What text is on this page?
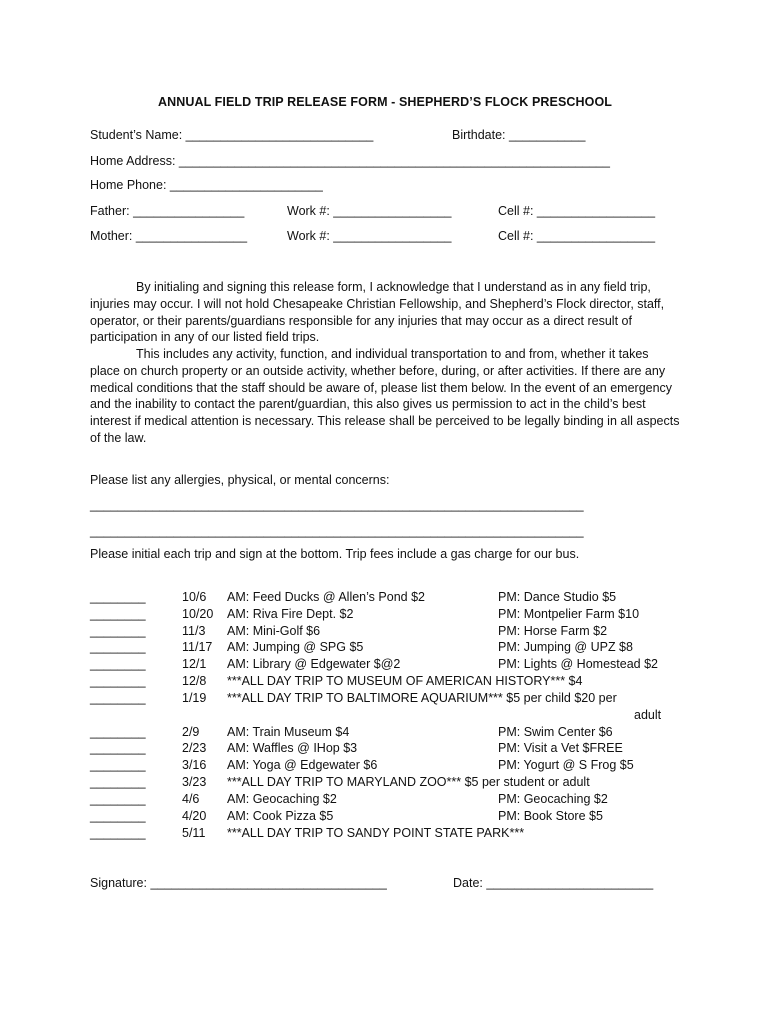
ANNUAL FIELD TRIP RELEASE FORM - SHEPHERD’S FLOCK PRESCHOOL
Student’s Name: ___________________________	Birthdate: ___________
Home Address: ______________________________________________________________
Home Phone: ______________________
Father: ________________	Work #: _________________	Cell #: _________________
Mother: ________________	Work #: _________________	Cell #: _________________
By initialing and signing this release form, I acknowledge that I understand as in any field trip, injuries may occur. I will not hold Chesapeake Christian Fellowship, and Shepherd’s Flock director, staff, operator, or their parents/guardians responsible for any injuries that may occur as a direct result of participation in any of our listed field trips.
This includes any activity, function, and individual transportation to and from, whether it takes place on church property or an outside activity, whether before, during, or after activities. If there are any medical conditions that the staff should be aware of, please list them below. In the event of an emergency and the inability to contact the parent/guardian, this also gives us permission to act in the child’s best interest if medical attention is necessary. This release shall be perceived to be legally binding in all aspects of the law.
Please list any allergies, physical, or mental concerns:
_______________________________________________________________________
_______________________________________________________________________
Please initial each trip and sign at the bottom. Trip fees include a gas charge for our bus.
________	10/6 AM: Feed Ducks @ Allen’s Pond $2	PM: Dance Studio $5
________	10/20 AM: Riva Fire Dept. $2	PM: Montpelier Farm $10
________	11/3 AM: Mini-Golf $6	PM: Horse Farm $2
________	11/17 AM: Jumping @ SPG $5	PM: Jumping @ UPZ $8
________	12/1 AM: Library @ Edgewater $@2	PM: Lights @ Homestead $2
________	12/8 ***ALL DAY TRIP TO MUSEUM OF AMERICAN HISTORY*** $4
________	1/19 ***ALL DAY TRIP TO BALTIMORE AQUARIUM*** $5 per child $20 per
adult
________	2/9 AM: Train Museum $4	PM: Swim Center $6
________	2/23 AM: Waffles @ IHop $3	PM: Visit a Vet $FREE
________	3/16 AM: Yoga @ Edgewater $6	PM: Yogurt @ S Frog $5
________	3/23 ***ALL DAY TRIP TO MARYLAND ZOO*** $5 per student or adult
________	4/6 AM: Geocaching $2	PM: Geocaching $2
________	4/20 AM: Cook Pizza $5	PM: Book Store $5
________	5/11 ***ALL DAY TRIP TO SANDY POINT STATE PARK***
Signature: __________________________________	Date: ________________________
